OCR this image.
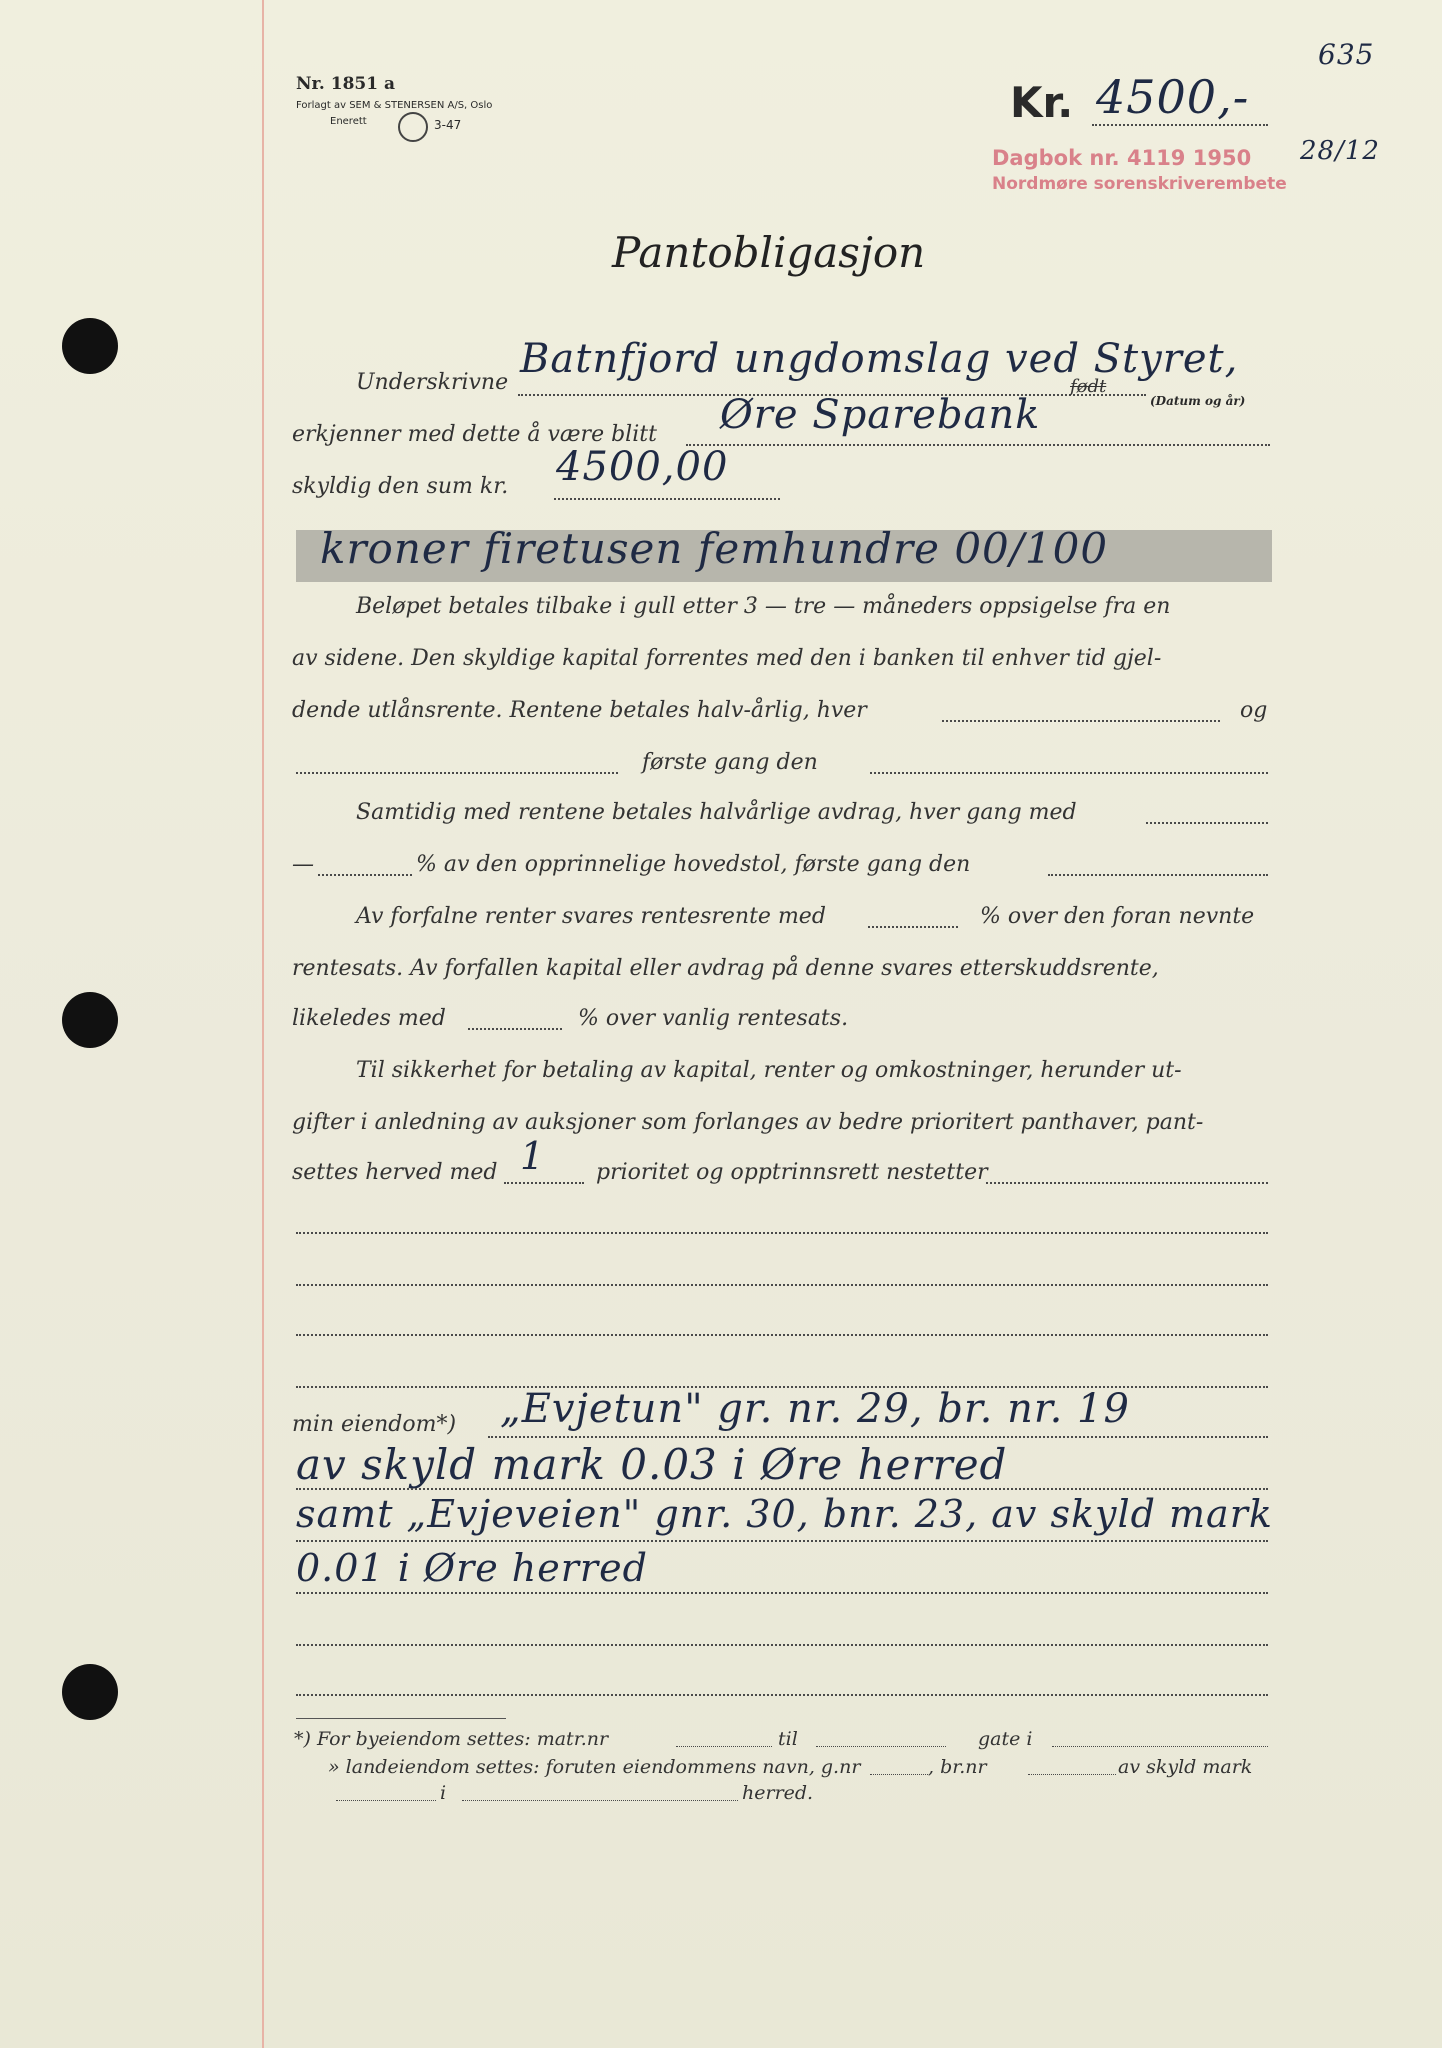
Nr. 1851 a
Forlagt av SEM & STENERSEN A/S, Oslo
Enerett	3-47
635
Kr. 4500,-
Dagbok nr. 4119 1950 28/12
Nordmøre sorenskriverembete
Pantobligasjon
Underskrivne
Batnfjord ungdomslag ved Styret,
født
(Datum og år)
erkjenner med dette å være blitt Øre Sparebank
skyldig den sum kr. 4500,00
kroner firetusen femhundre 00/100
Beløpet betales tilbake i gull etter 3 — tre — måneders oppsigelse fra en
av sidene. Den skyldige kapital forrentes med den i banken til enhver tid gjel-
dende utlånsrente. Rentene betales halv-årlig, hver	og
første gang den
Samtidig med rentene betales halvårlige avdrag, hver gang med
—	% av den opprinnelige hovedstol, første gang den
Av forfalne renter svares rentesrente med	% over den foran nevnte
rentesats. Av forfallen kapital eller avdrag på denne svares etterskuddsrente,
likeledes med	% over vanlig rentesats.
Til sikkerhet for betaling av kapital, renter og omkostninger, herunder ut-
gifter i anledning av auksjoner som forlanges av bedre prioritert panthaver, pant-
settes herved med 1 prioritet og opptrinnsrett nestetter
min eiendom*) „Evjetun" gr. nr. 29, br. nr. 19
av skyld mark 0.03 i Øre herred
samt „Evjeveien" gnr. 30, bnr. 23, av skyld mark
0.01 i Øre herred
*) For byeiendom settes: matr.nr	til	gate i
» landeiendom settes: foruten eiendommens navn, g.nr	, br.nr	av skyld mark
i	herred.
